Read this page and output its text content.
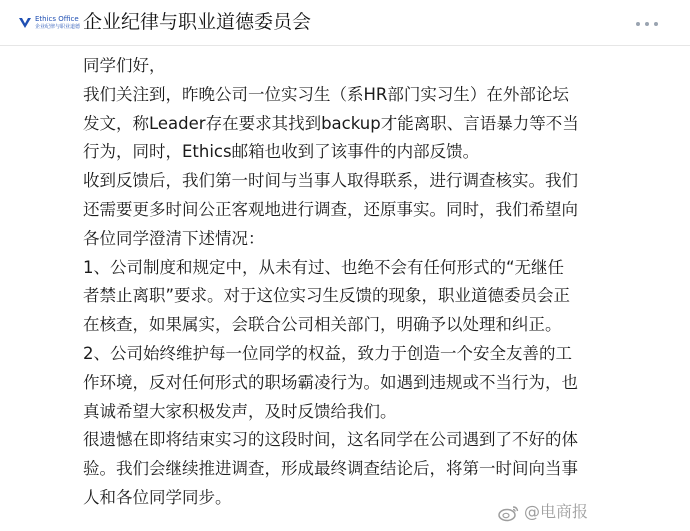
Ethics Office
企业纪律与职业道德 企业纪律与职业道德委员会

同学们好，

我们关注到，昨晚公司一位实习生（系HR部门实习生）在外部论坛

发文，称Leader存在要求其找到backup才能离职、言语暴力等不当

行为，同时，Ethics邮箱也收到了该事件的内部反馈。

收到反馈后，我们第一时间与当事人取得联系，进行调查核实。我们

还需要更多时间公正客观地进行调查，还原事实。同时，我们希望向

各位同学澄清下述情况：

1、公司制度和规定中，从未有过、也绝不会有任何形式的“无继任

者禁止离职”要求。对于这位实习生反馈的现象，职业道德委员会正

在核查，如果属实，会联合公司相关部门，明确予以处理和纠正。

2、公司始终维护每一位同学的权益，致力于创造一个安全友善的工

作环境，反对任何形式的职场霸凌行为。如遇到违规或不当行为，也

真诚希望大家积极发声，及时反馈给我们。

很遗憾在即将结束实习的这段时间，这名同学在公司遇到了不好的体

验。我们会继续推进调查，形成最终调查结论后，将第一时间向当事

人和各位同学同步。

@电商报
